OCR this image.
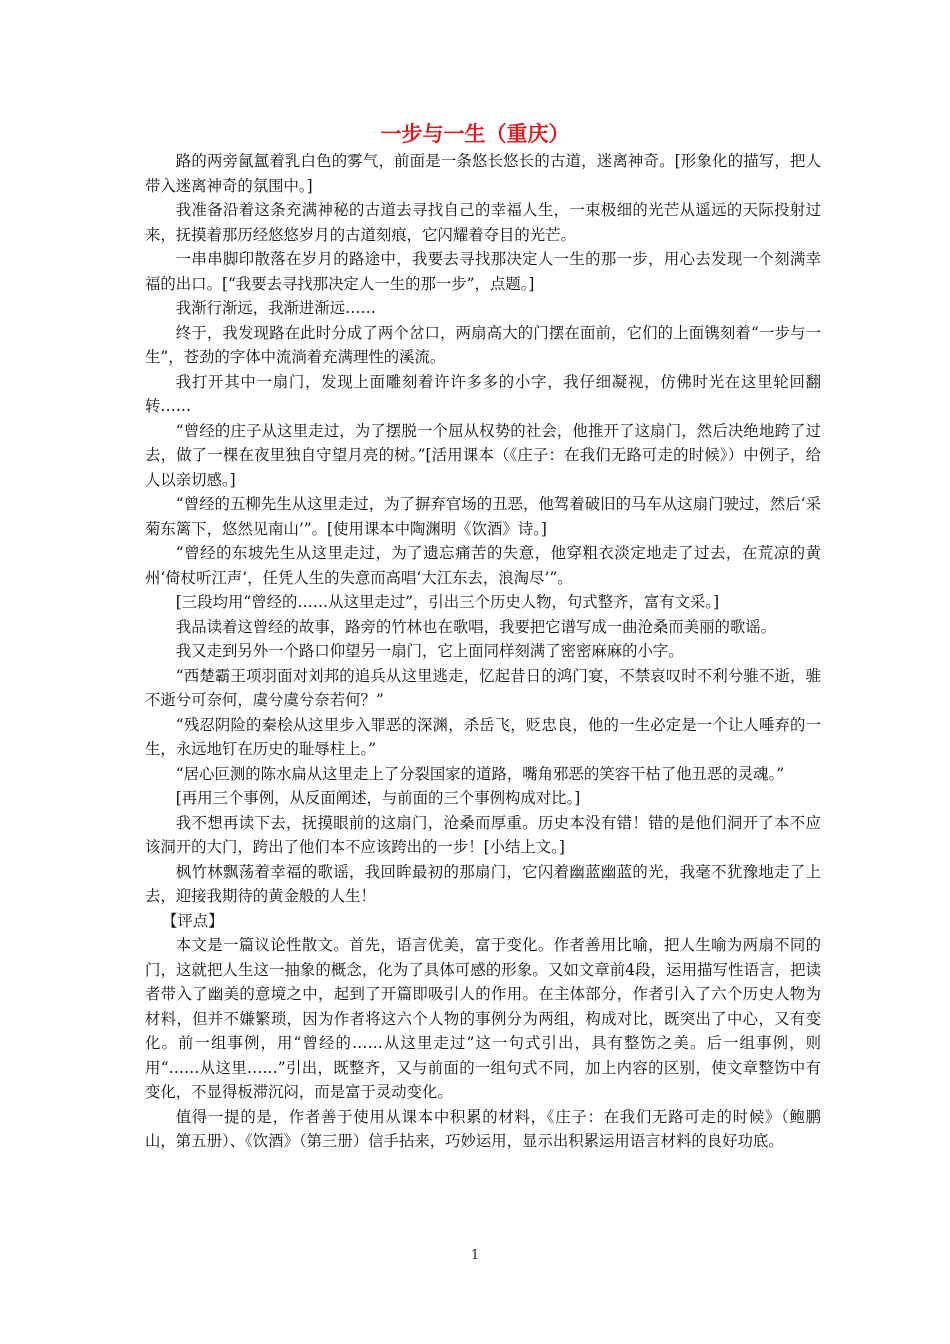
一步与一生（重庆）

路的两旁氤氲着乳白色的雾气，前面是一条悠长悠长的古道，迷离神奇。[形象化的描写，把人带入迷离神奇的氛围中。]

我准备沿着这条充满神秘的古道去寻找自己的幸福人生，一束极细的光芒从遥远的天际投射过来，抚摸着那历经悠悠岁月的古道刻痕，它闪耀着夺目的光芒。

一串串脚印散落在岁月的路途中，我要去寻找那决定人一生的那一步，用心去发现一个刻满幸福的出口。[“我要去寻找那决定人一生的那一步”，点题。]

我渐行渐远，我渐进渐远……

终于，我发现路在此时分成了两个岔口，两扇高大的门摆在面前，它们的上面镌刻着“一步与一生”，苍劲的字体中流淌着充满理性的溪流。

我打开其中一扇门，发现上面雕刻着许许多多的小字，我仔细凝视，仿佛时光在这里轮回翻转……

“曾经的庄子从这里走过，为了摆脱一个屈从权势的社会，他推开了这扇门，然后决绝地跨了过去，做了一棵在夜里独自守望月亮的树。”[活用课本（《庄子：在我们无路可走的时候》）中例子，给人以亲切感。]

“曾经的五柳先生从这里走过，为了摒弃官场的丑恶，他驾着破旧的马车从这扇门驶过，然后‘采菊东篱下，悠然见南山’”。[使用课本中陶渊明《饮酒》诗。]

“曾经的东坡先生从这里走过，为了遗忘痛苦的失意，他穿粗衣淡定地走了过去，在荒凉的黄州‘倚杖听江声’，任凭人生的失意而高唱‘大江东去，浪淘尽’”。

[三段均用“曾经的……从这里走过”，引出三个历史人物，句式整齐，富有文采。]

我品读着这曾经的故事，路旁的竹林也在歌唱，我要把它谱写成一曲沧桑而美丽的歌谣。

我又走到另外一个路口仰望另一扇门，它上面同样刻满了密密麻麻的小字。

“西楚霸王项羽面对刘邦的追兵从这里逃走，忆起昔日的鸿门宴，不禁哀叹时不利兮骓不逝，骓不逝兮可奈何，虞兮虞兮奈若何？”

“残忍阴险的秦桧从这里步入罪恶的深渊，杀岳飞，贬忠良，他的一生必定是一个让人唾弃的一生，永远地钉在历史的耻辱柱上。”

“居心叵测的陈水扁从这里走上了分裂国家的道路，嘴角邪恶的笑容干枯了他丑恶的灵魂。”

[再用三个事例，从反面阐述，与前面的三个事例构成对比。]

我不想再读下去，抚摸眼前的这扇门，沧桑而厚重。历史本没有错！错的是他们洞开了本不应该洞开的大门，跨出了他们本不应该跨出的一步！[小结上文。]

枫竹林飘荡着幸福的歌谣，我回眸最初的那扇门，它闪着幽蓝幽蓝的光，我毫不犹豫地走了上去，迎接我期待的黄金般的人生！

【评点】

本文是一篇议论性散文。首先，语言优美，富于变化。作者善用比喻，把人生喻为两扇不同的门，这就把人生这一抽象的概念，化为了具体可感的形象。又如文章前4段，运用描写性语言，把读者带入了幽美的意境之中，起到了开篇即吸引人的作用。在主体部分，作者引入了六个历史人物为材料，但并不嫌繁琐，因为作者将这六个人物的事例分为两组，构成对比，既突出了中心，又有变化。前一组事例，用“曾经的……从这里走过”这一句式引出，具有整饬之美。后一组事例，则用“……从这里……”引出，既整齐，又与前面的一组句式不同，加上内容的区别，使文章整饬中有变化，不显得板滞沉闷，而是富于灵动变化。

值得一提的是，作者善于使用从课本中积累的材料，《庄子：在我们无路可走的时候》（鲍鹏山，第五册）、《饮酒》（第三册）信手拈来，巧妙运用，显示出积累运用语言材料的良好功底。

1
